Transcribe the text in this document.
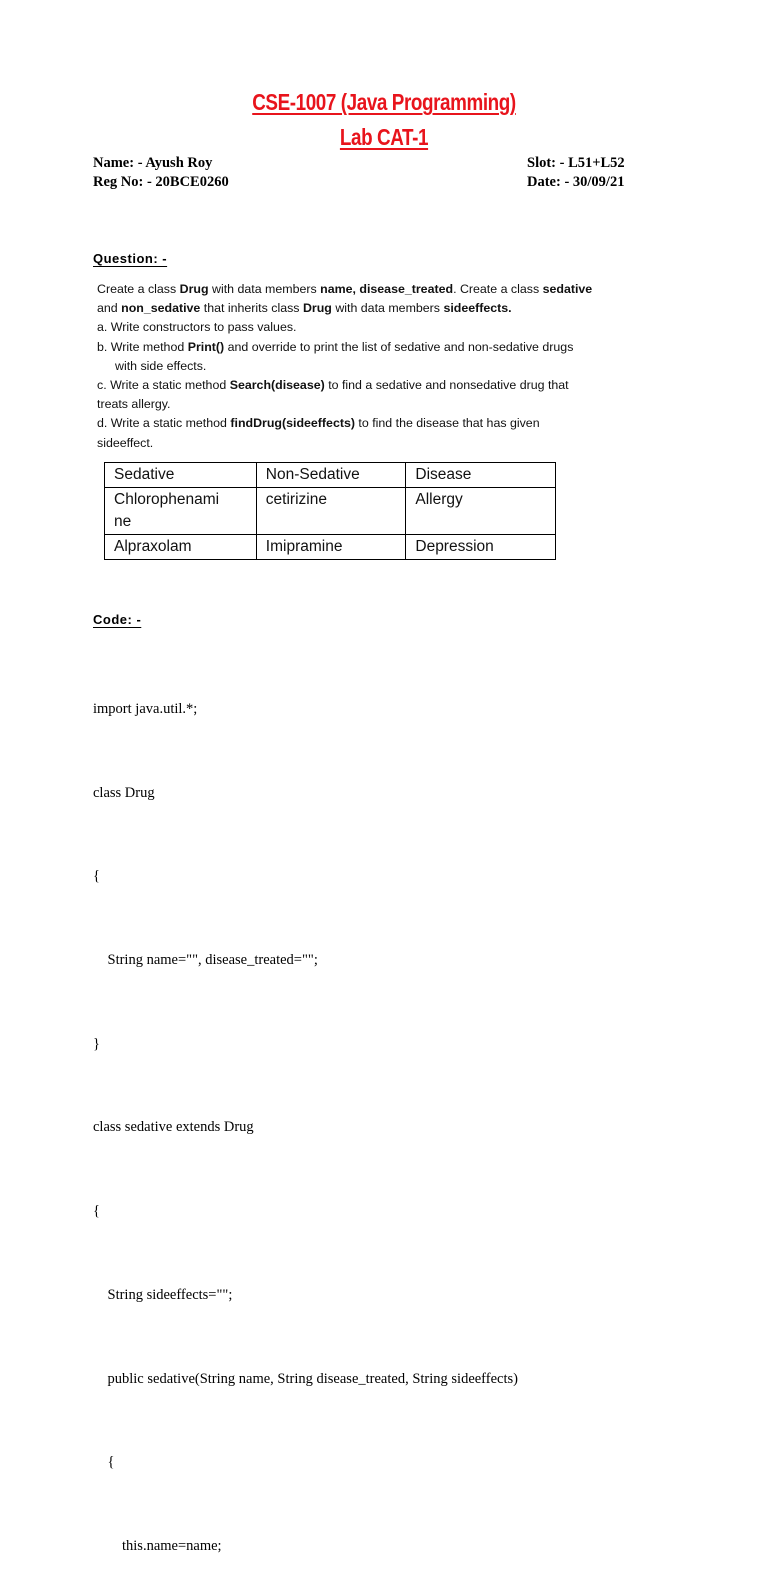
CSE-1007 (Java Programming)
Lab CAT-1
Name: - Ayush Roy	Slot: - L51+L52
Reg No: - 20BCE0260	Date: - 30/09/21
Question: -
Create a class Drug with data members name, disease_treated. Create a class sedative
and non_sedative that inherits class Drug with data members sideeffects.
a. Write constructors to pass values.
b. Write method Print() and override to print the list of sedative and non-sedative drugs
with side effects.
c. Write a static method Search(disease) to find a sedative and nonsedative drug that
treats allergy.
d. Write a static method findDrug(sideeffects) to find the disease that has given
sideeffect.
Sedative	Non-Sedative	Disease
Chlorophenami
ne	cetirizine	Allergy
Alpraxolam	Imipramine	Depression
Code: -

import java.util.*;

class Drug

{

String name="", disease_treated="";

}

class sedative extends Drug

{

String sideeffects="";

public sedative(String name, String disease_treated, String sideeffects)

{

this.name=name;
